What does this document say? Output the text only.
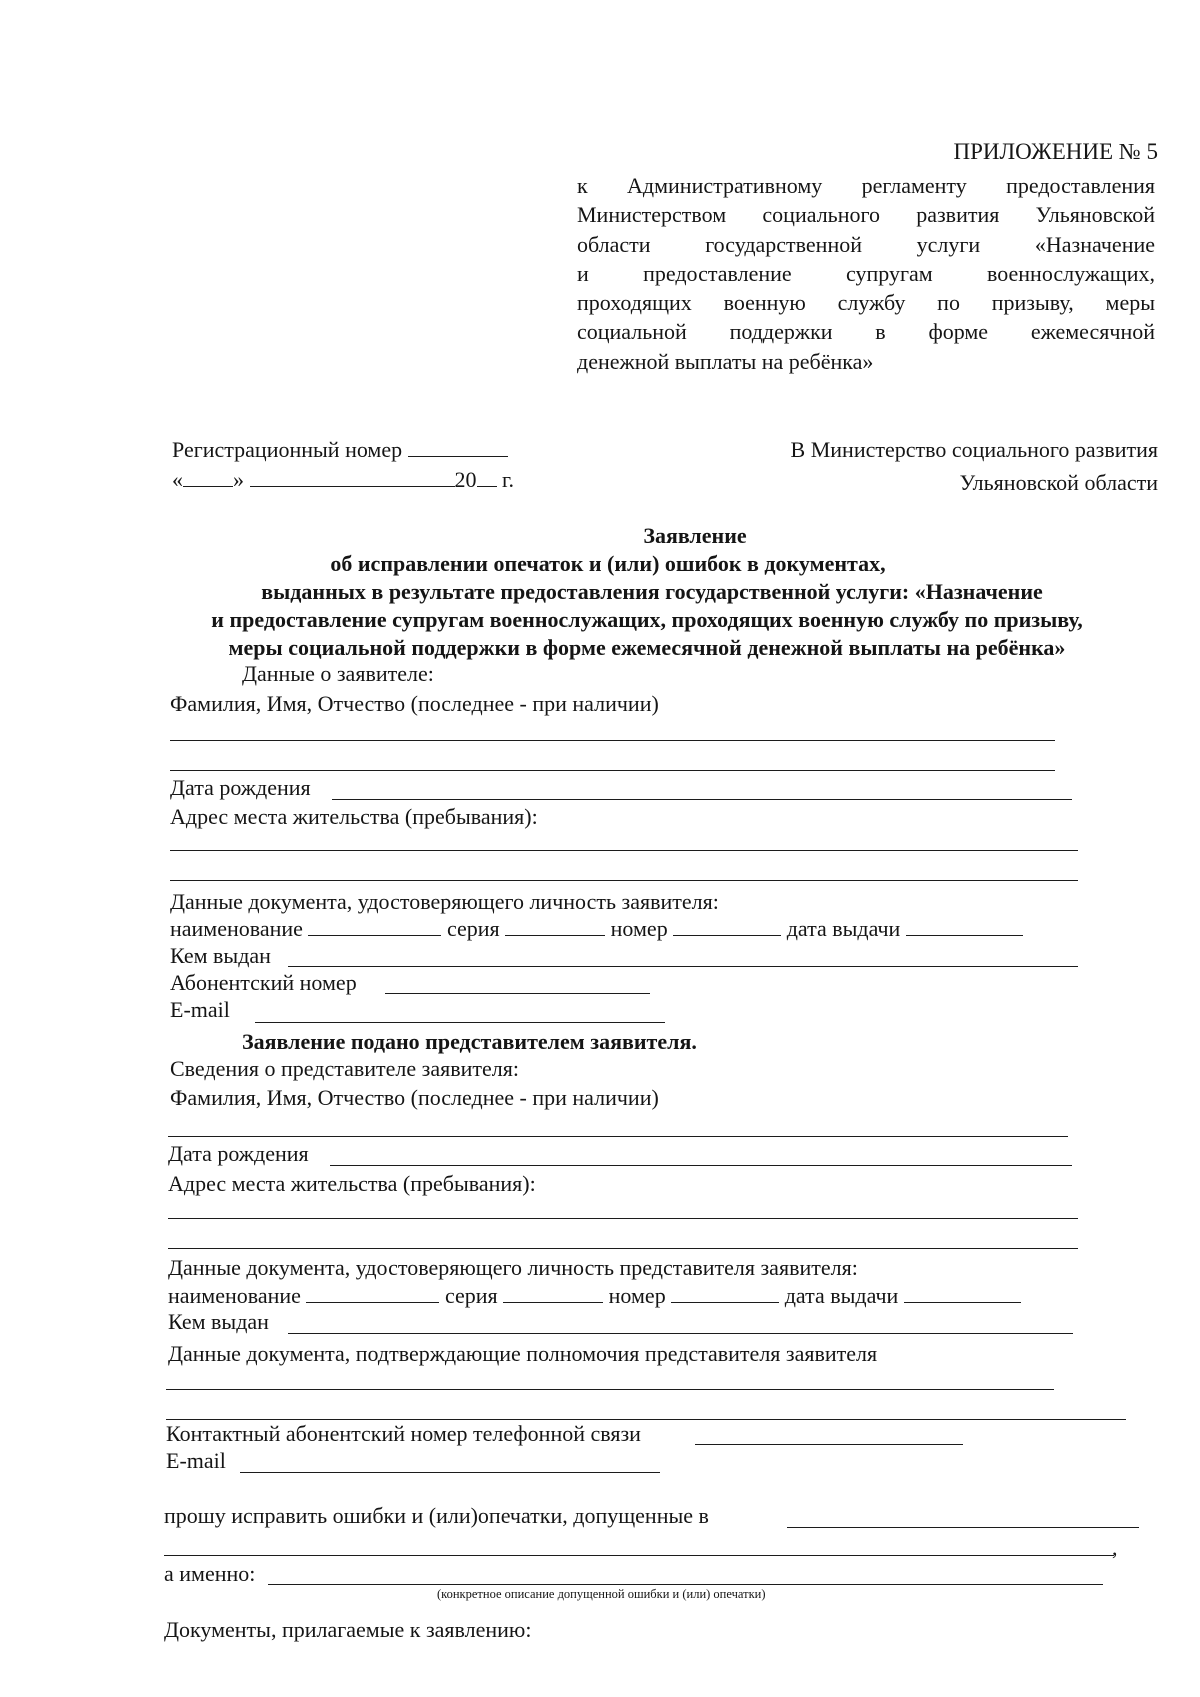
ПРИЛОЖЕНИЕ № 5
к Административному регламенту предоставления
Министерством социального развития Ульяновской
области государственной услуги «Назначение
и предоставление супругам военнослужащих,
проходящих военную службу по призыву, меры
социальной поддержки в форме ежемесячной
денежной выплаты на ребёнка»
Регистрационный номер
« »	20 г.
В Министерство социального развития
Ульяновской области
Заявление
об исправлении опечаток и (или) ошибок в документах,
выданных в результате предоставления государственной услуги: «Назначение
и предоставление супругам военнослужащих, проходящих военную службу по призыву,
меры социальной поддержки в форме ежемесячной денежной выплаты на ребёнка»
Данные о заявителе:
Фамилия, Имя, Отчество (последнее - при наличии)
Дата рождения
Адрес места жительства (пребывания):
Данные документа, удостоверяющего личность заявителя:
наименование	серия	номер	дата выдачи
Кем выдан
Абонентский номер
E-mail
Заявление подано представителем заявителя.
Сведения о представителе заявителя:
Фамилия, Имя, Отчество (последнее - при наличии)
Дата рождения
Адрес места жительства (пребывания):
Данные документа, удостоверяющего личность представителя заявителя:
наименование	серия	номер	дата выдачи
Кем выдан
Данные документа, подтверждающие полномочия представителя заявителя
Контактный абонентский номер телефонной связи
E-mail
прошу исправить ошибки и (или)опечатки, допущенные в
,
а именно:
(конкретное описание допущенной ошибки и (или) опечатки)
Документы, прилагаемые к заявлению:
